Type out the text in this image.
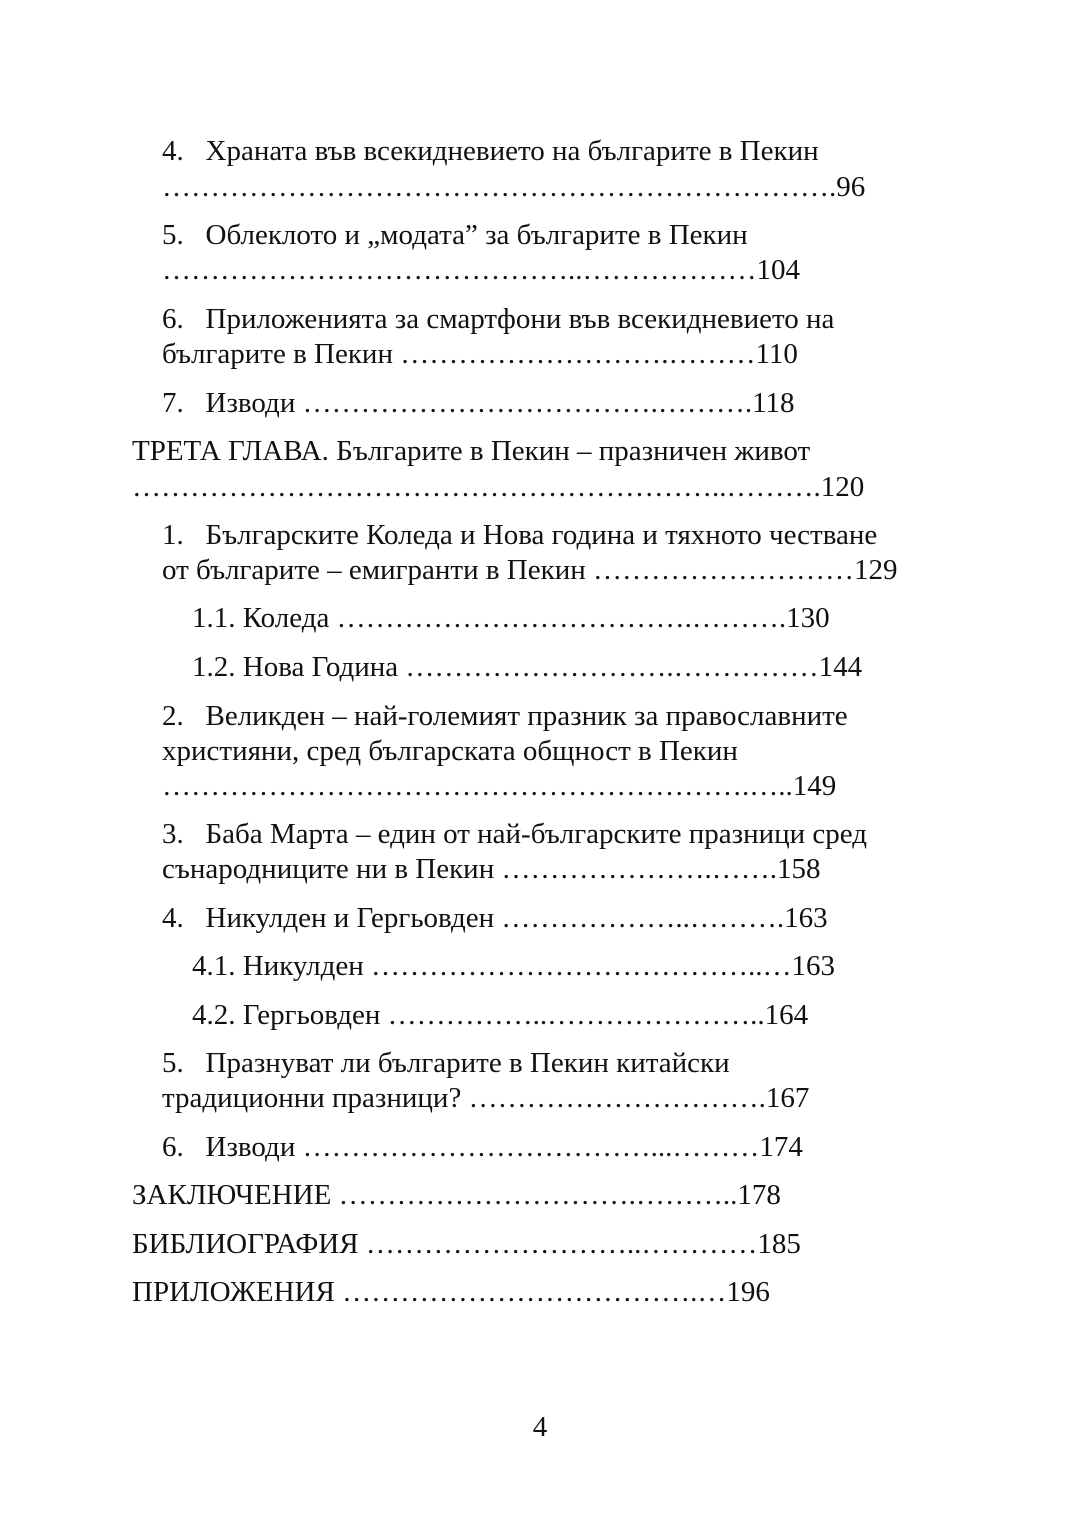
4.   Храната във всекидневието на българите в Пекин
…………………………………………………………….96
5.   Облеклото и „модата” за българите в Пекин
……………………………………..………………104
6.   Приложенията за смартфони във всекидневието на
българите в Пекин ……………………….………110
7.   Изводи ……………………………….……….118
ТРЕТА ГЛАВА. Българите в Пекин – празничен живот
……………………………………………………..……….120
1.   Българските Коледа и Нова година и тяхното честване
от българите – емигранти в Пекин ………………………129
1.1. Коледа ……………………………….……….130
1.2. Нова Година ……………………….……………144
2.   Великден – най-големият празник за православните
християни, сред българската общност в Пекин
…………………………………………………….…..149
3.   Баба Марта – един от най-българските празници сред
сънародниците ни в Пекин ………………….…….158
4.   Никулден и Гергьовден ………………..……….163
4.1. Никулден …………………………………..…163
4.2. Гергьовден ……………..…………………..164
5.   Празнуват ли българите в Пекин китайски
традиционни празници? ………………………….167
6.   Изводи ………………………………...………174
ЗАКЛЮЧЕНИЕ ………………………….………..178
БИБЛИОГРАФИЯ ………………………..…………185
ПРИЛОЖЕНИЯ ……………………………….…196
4
